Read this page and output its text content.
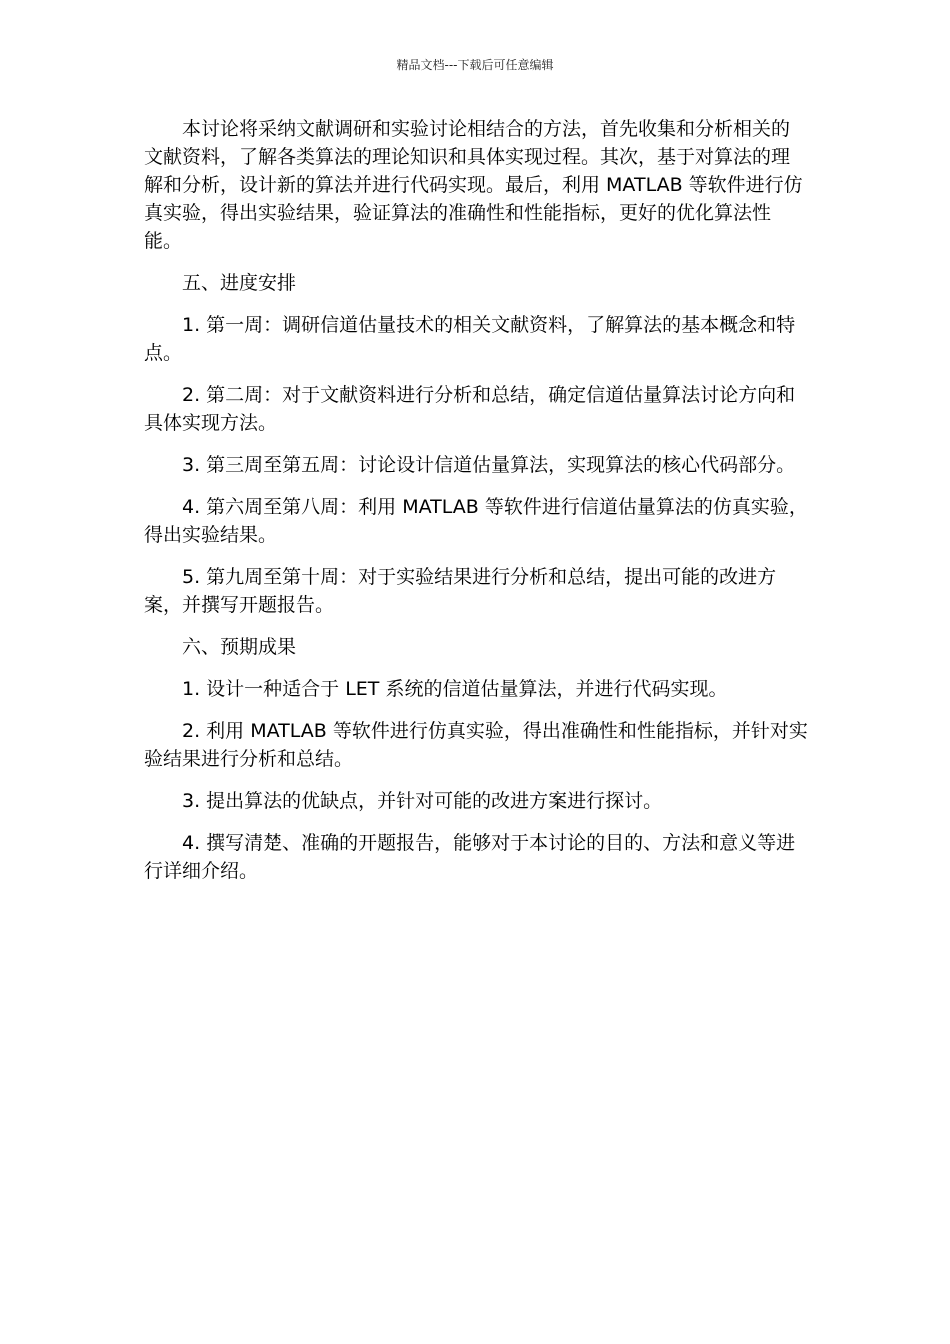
精品文档---下载后可任意编辑

本讨论将采纳文献调研和实验讨论相结合的方法，首先收集和分析相关的文献资料，了解各类算法的理论知识和具体实现过程。其次，基于对算法的理解和分析，设计新的算法并进行代码实现。最后，利用 MATLAB 等软件进行仿真实验，得出实验结果，验证算法的准确性和性能指标，更好的优化算法性能。

五、进度安排

1. 第一周：调研信道估量技术的相关文献资料，了解算法的基本概念和特点。

2. 第二周：对于文献资料进行分析和总结，确定信道估量算法讨论方向和具体实现方法。

3. 第三周至第五周：讨论设计信道估量算法，实现算法的核心代码部分。

4. 第六周至第八周：利用 MATLAB 等软件进行信道估量算法的仿真实验，得出实验结果。

5. 第九周至第十周：对于实验结果进行分析和总结，提出可能的改进方案，并撰写开题报告。

六、预期成果

1. 设计一种适合于 LET 系统的信道估量算法，并进行代码实现。

2. 利用 MATLAB 等软件进行仿真实验，得出准确性和性能指标，并针对实验结果进行分析和总结。

3. 提出算法的优缺点，并针对可能的改进方案进行探讨。

4. 撰写清楚、准确的开题报告，能够对于本讨论的目的、方法和意义等进行详细介绍。
